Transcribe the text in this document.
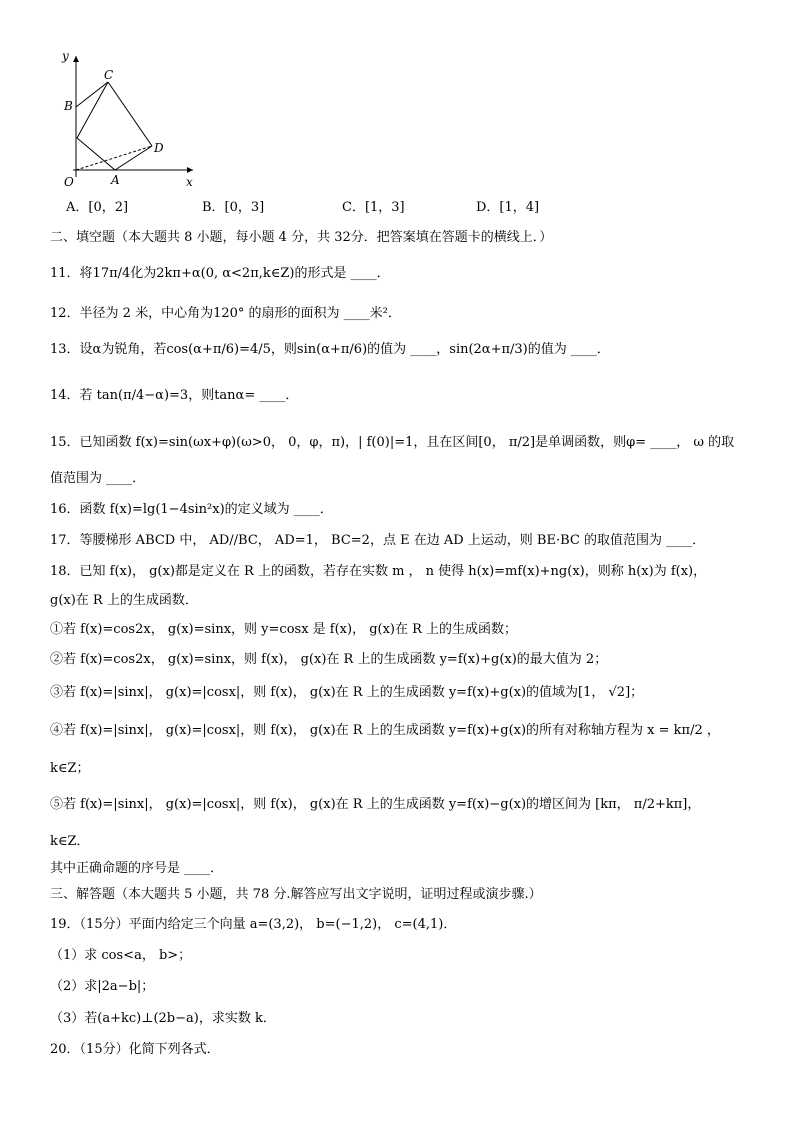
y
x
O	A
B
C
D
A．[0，2]	B．[0，3]	C．[1，3]	D．[1，4]
二、填空题（本大题共 8 小题，每小题 4 分，共 32分．把答案填在答题卡的横线上．）
11．将17π/4化为2kπ+α(0, α<2π,k∈Z)的形式是 ____．
12．半径为 2 米，中心角为120° 的扇形的面积为 ____米²．
13．设α为锐角，若cos(α+π/6)=4/5，则sin(α+π/6)的值为 ____，sin(2α+π/3)的值为 ____．
14．若 tan(π/4−α)=3，则tanα= ____．
15．已知函数 f(x)=sin(ωx+φ)(ω>0， 0，φ，π)，| f(0)|=1，且在区间[0， π/2]是单调函数，则φ= ____， ω 的取
值范围为 ____．
16．函数 f(x)=lg(1−4sin²x)的定义域为 ____．
17．等腰梯形 ABCD 中， AD//BC， AD=1， BC=2，点 E 在边 AD 上运动，则 BE·BC 的取值范围为 ____．
18．已知 f(x)， g(x)都是定义在 R 上的函数，若存在实数 m ， n 使得 h(x)=mf(x)+ng(x)，则称 h(x)为 f(x)，
g(x)在 R 上的生成函数．
①若 f(x)=cos2x， g(x)=sinx，则 y=cosx 是 f(x)， g(x)在 R 上的生成函数；
②若 f(x)=cos2x， g(x)=sinx，则 f(x)， g(x)在 R 上的生成函数 y=f(x)+g(x)的最大值为 2；
③若 f(x)=|sinx|， g(x)=|cosx|，则 f(x)， g(x)在 R 上的生成函数 y=f(x)+g(x)的值域为[1， √2]；
④若 f(x)=|sinx|， g(x)=|cosx|，则 f(x)， g(x)在 R 上的生成函数 y=f(x)+g(x)的所有对称轴方程为 x = kπ/2 ，
k∈Z；
⑤若 f(x)=|sinx|， g(x)=|cosx|，则 f(x)， g(x)在 R 上的生成函数 y=f(x)−g(x)的增区间为 [kπ， π/2+kπ]，
k∈Z．
其中正确命题的序号是 ____．
三、解答题（本大题共 5 小题，共 78 分.解答应写出文字说明，证明过程或演步骤.）
19．（15分）平面内给定三个向量 a=(3,2)， b=(−1,2)， c=(4,1)．
（1）求 cos<a， b>；
（2）求|2a−b|；
（3）若(a+kc)⊥(2b−a)，求实数 k．
20．（15分）化简下列各式．
